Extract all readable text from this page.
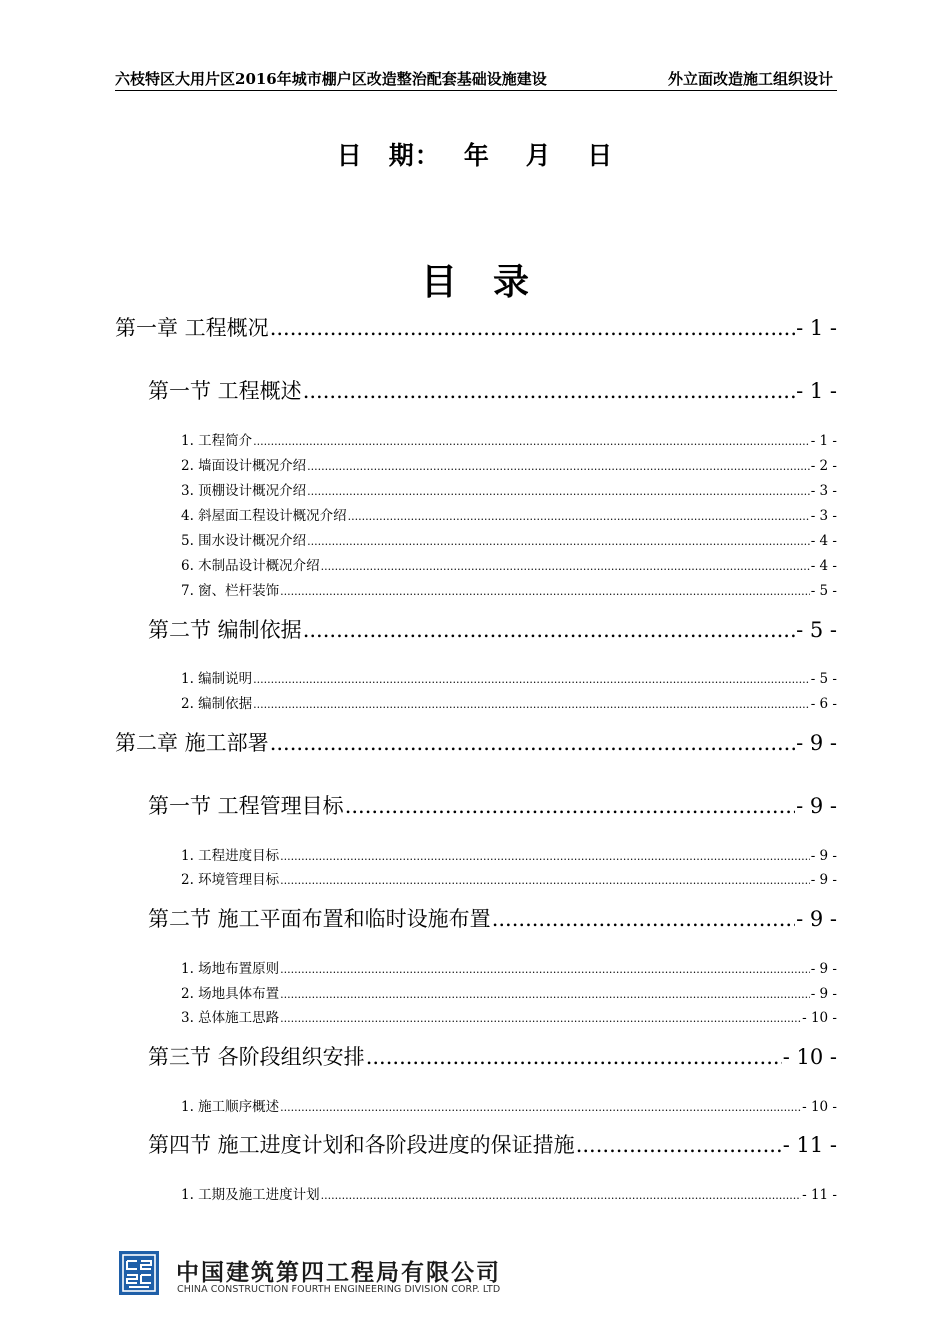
六枝特区大用片区2016年城市棚户区改造整治配套基础设施建设	外立面改造施工组织设计
日　期：　 年　 月　 日
目　录
第一章 工程概况 .....	- 1 -
第一节 工程概述 .....	- 1 -
1. 工程简介 .....	- 1 -
2. 墙面设计概况介绍 .....	- 2 -
3. 顶棚设计概况介绍 .....	- 3 -
4. 斜屋面工程设计概况介绍 .....	- 3 -
5. 围水设计概况介绍 .....	- 4 -
6. 木制品设计概况介绍 .....	- 4 -
7. 窗、栏杆装饰 .....	- 5 -
第二节 编制依据 .....	- 5 -
1. 编制说明 .....	- 5 -
2. 编制依据 .....	- 6 -
第二章 施工部署 .....	- 9 -
第一节 工程管理目标 .....	- 9 -
1. 工程进度目标 .....	- 9 -
2. 环境管理目标 .....	- 9 -
第二节 施工平面布置和临时设施布置 .....	- 9 -
1. 场地布置原则 .....	- 9 -
2. 场地具体布置 .....	- 9 -
3. 总体施工思路 .....	- 10 -
第三节 各阶段组织安排 .....	- 10 -
1. 施工顺序概述 .....	- 10 -
第四节 施工进度计划和各阶段进度的保证措施 .....	- 11 -
1. 工期及施工进度计划 .....	- 11 -
中国建筑第四工程局有限公司
CHINA CONSTRUCTION FOURTH ENGINEERING DIVISION CORP. LTD
